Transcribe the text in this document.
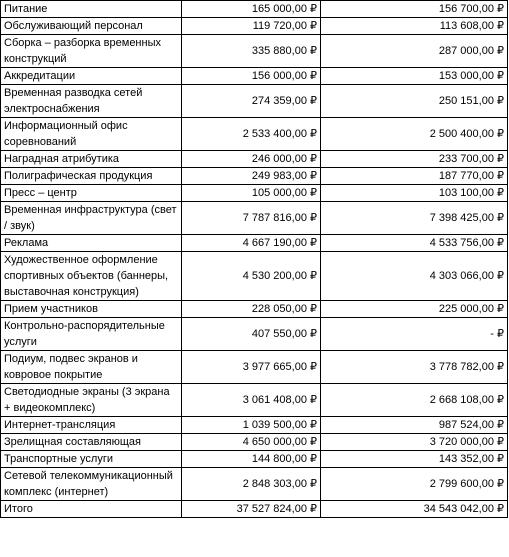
Питание	165 000,00 ₽	156 700,00 ₽
Обслуживающий персонал	119 720,00 ₽	113 608,00 ₽
Сборка – разборка временных конструкций	335 880,00 ₽	287 000,00 ₽
Аккредитации	156 000,00 ₽	153 000,00 ₽
Временная разводка сетей электроснабжения	274 359,00 ₽	250 151,00 ₽
Информационный офис соревнований	2 533 400,00 ₽	2 500 400,00 ₽
Наградная атрибутика	246 000,00 ₽	233 700,00 ₽
Полиграфическая продукция	249 983,00 ₽	187 770,00 ₽
Пресс – центр	105 000,00 ₽	103 100,00 ₽
Временная инфраструктура (свет / звук)	7 787 816,00 ₽	7 398 425,00 ₽
Реклама	4 667 190,00 ₽	4 533 756,00 ₽
Художественное оформление спортивных объектов (баннеры, выставочная конструкция)	4 530 200,00 ₽	4 303 066,00 ₽
Прием участников	228 050,00 ₽	225 000,00 ₽
Контрольно-распорядительные услуги	407 550,00 ₽	- ₽
Подиум, подвес экранов и ковровое покрытие	3 977 665,00 ₽	3 778 782,00 ₽
Светодиодные экраны (3 экрана + видеокомплекс)	3 061 408,00 ₽	2 668 108,00 ₽
Интернет-трансляция	1 039 500,00 ₽	987 524,00 ₽
Зрелищная составляющая	4 650 000,00 ₽	3 720 000,00 ₽
Транспортные услуги	144 800,00 ₽	143 352,00 ₽
Сетевой телекоммуникационный комплекс (интернет)	2 848 303,00 ₽	2 799 600,00 ₽
Итого	37 527 824,00 ₽	34 543 042,00 ₽
